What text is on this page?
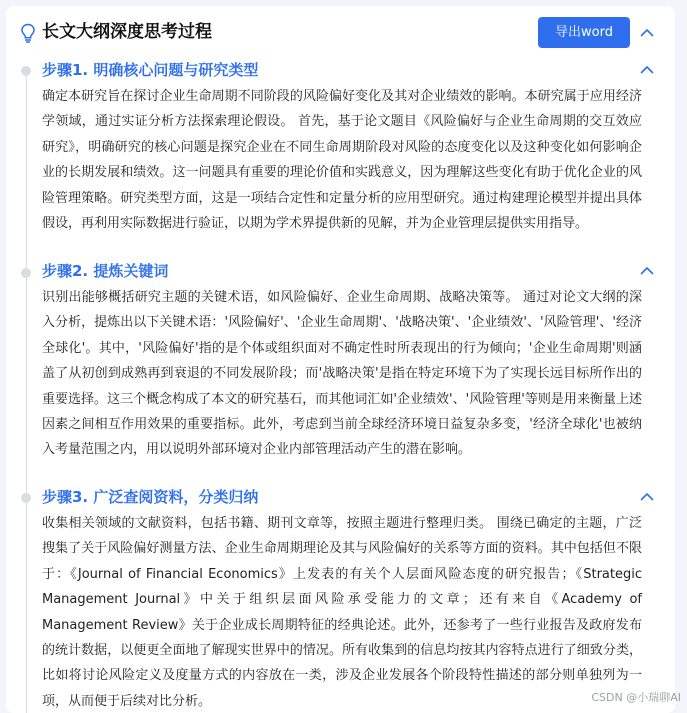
长文大纲深度思考过程	导出word
步骤1. 明确核心问题与研究类型

确定本研究旨在探讨企业生命周期不同阶段的风险偏好变化及其对企业绩效的影响。本研究属于应用经济学领域，通过实证分析方法探索理论假设。 首先，基于论文题目《风险偏好与企业生命周期的交互效应研究》，明确研究的核心问题是探究企业在不同生命周期阶段对风险的态度变化以及这种变化如何影响企业的长期发展和绩效。这一问题具有重要的理论价值和实践意义，因为理解这些变化有助于优化企业的风险管理策略。研究类型方面，这是一项结合定性和定量分析的应用型研究。通过构建理论模型并提出具体假设，再利用实际数据进行验证，以期为学术界提供新的见解，并为企业管理层提供实用指导。

步骤2. 提炼关键词

识别出能够概括研究主题的关键术语，如风险偏好、企业生命周期、战略决策等。 通过对论文大纲的深入分析，提炼出以下关键术语：'风险偏好'、'企业生命周期'、'战略决策'、'企业绩效'、'风险管理'、'经济全球化'。其中，'风险偏好'指的是个体或组织面对不确定性时所表现出的行为倾向；'企业生命周期'则涵盖了从初创到成熟再到衰退的不同发展阶段；而'战略决策'是指在特定环境下为了实现长远目标所作出的重要选择。这三个概念构成了本文的研究基石，而其他词汇如'企业绩效'、'风险管理'等则是用来衡量上述因素之间相互作用效果的重要指标。此外，考虑到当前全球经济环境日益复杂多变，'经济全球化'也被纳入考量范围之内，用以说明外部环境对企业内部管理活动产生的潜在影响。

步骤3. 广泛查阅资料，分类归纳

收集相关领域的文献资料，包括书籍、期刊文章等，按照主题进行整理归类。 围绕已确定的主题，广泛搜集了关于风险偏好测量方法、企业生命周期理论及其与风险偏好的关系等方面的资料。其中包括但不限于：《Journal of Financial Economics》上发表的有关个人层面风险态度的研究报告；《Strategic Management Journal》中关于组织层面风险承受能力的文章；还有来自《Academy of Management Review》关于企业成长周期特征的经典论述。此外，还参考了一些行业报告及政府发布的统计数据，以便更全面地了解现实世界中的情况。所有收集到的信息均按其内容特点进行了细致分类，比如将讨论风险定义及度量方式的内容放在一类，涉及企业发展各个阶段特性描述的部分则单独列为一项，从而便于后续对比分析。	CSDN @小瑞聊AI
